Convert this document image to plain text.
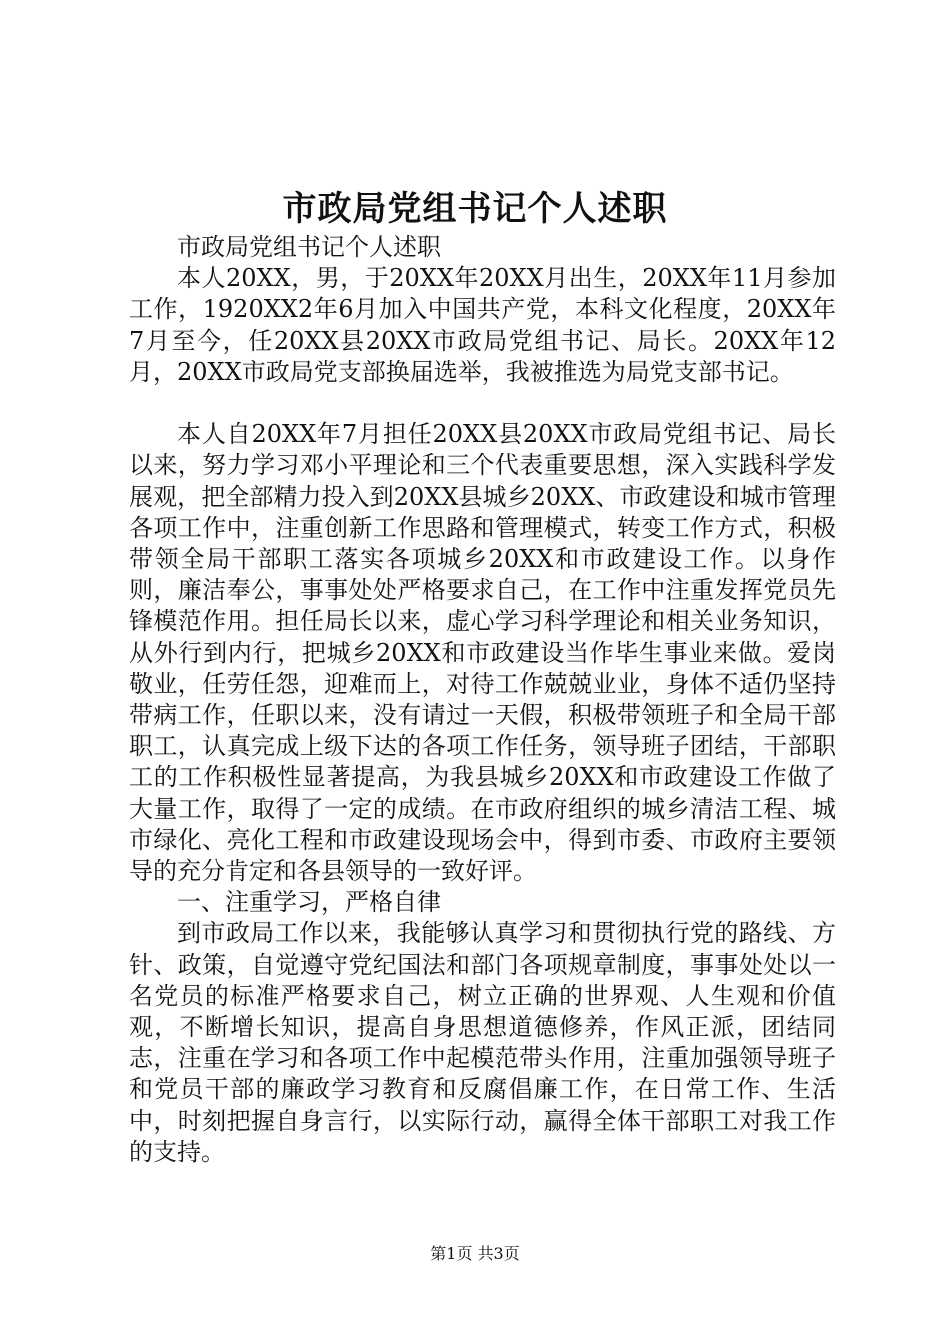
市政局党组书记个人述职

市政局党组书记个人述职

本人20XX，男，于20XX年20XX月出生，20XX年11月参加工作，1920XX2年6月加入中国共产党，本科文化程度，20XX年7月至今，任20XX县20XX市政局党组书记、局长。20XX年12月，20XX市政局党支部换届选举，我被推选为局党支部书记。

本人自20XX年7月担任20XX县20XX市政局党组书记、局长以来，努力学习邓小平理论和三个代表重要思想，深入实践科学发展观，把全部精力投入到20XX县城乡20XX、市政建设和城市管理各项工作中，注重创新工作思路和管理模式，转变工作方式，积极带领全局干部职工落实各项城乡20XX和市政建设工作。以身作则，廉洁奉公，事事处处严格要求自己，在工作中注重发挥党员先锋模范作用。担任局长以来，虚心学习科学理论和相关业务知识，从外行到内行，把城乡20XX和市政建设当作毕生事业来做。爱岗敬业，任劳任怨，迎难而上，对待工作兢兢业业，身体不适仍坚持带病工作，任职以来，没有请过一天假，积极带领班子和全局干部职工，认真完成上级下达的各项工作任务，领导班子团结，干部职工的工作积极性显著提高，为我县城乡20XX和市政建设工作做了大量工作，取得了一定的成绩。在市政府组织的城乡清洁工程、城市绿化、亮化工程和市政建设现场会中，得到市委、市政府主要领导的充分肯定和各县领导的一致好评。

一、注重学习，严格自律

到市政局工作以来，我能够认真学习和贯彻执行党的路线、方针、政策，自觉遵守党纪国法和部门各项规章制度，事事处处以一名党员的标准严格要求自己，树立正确的世界观、人生观和价值观，不断增长知识，提高自身思想道德修养，作风正派，团结同志，注重在学习和各项工作中起模范带头作用，注重加强领导班子和党员干部的廉政学习教育和反腐倡廉工作，在日常工作、生活中，时刻把握自身言行，以实际行动，赢得全体干部职工对我工作的支持。

第1页 共3页
